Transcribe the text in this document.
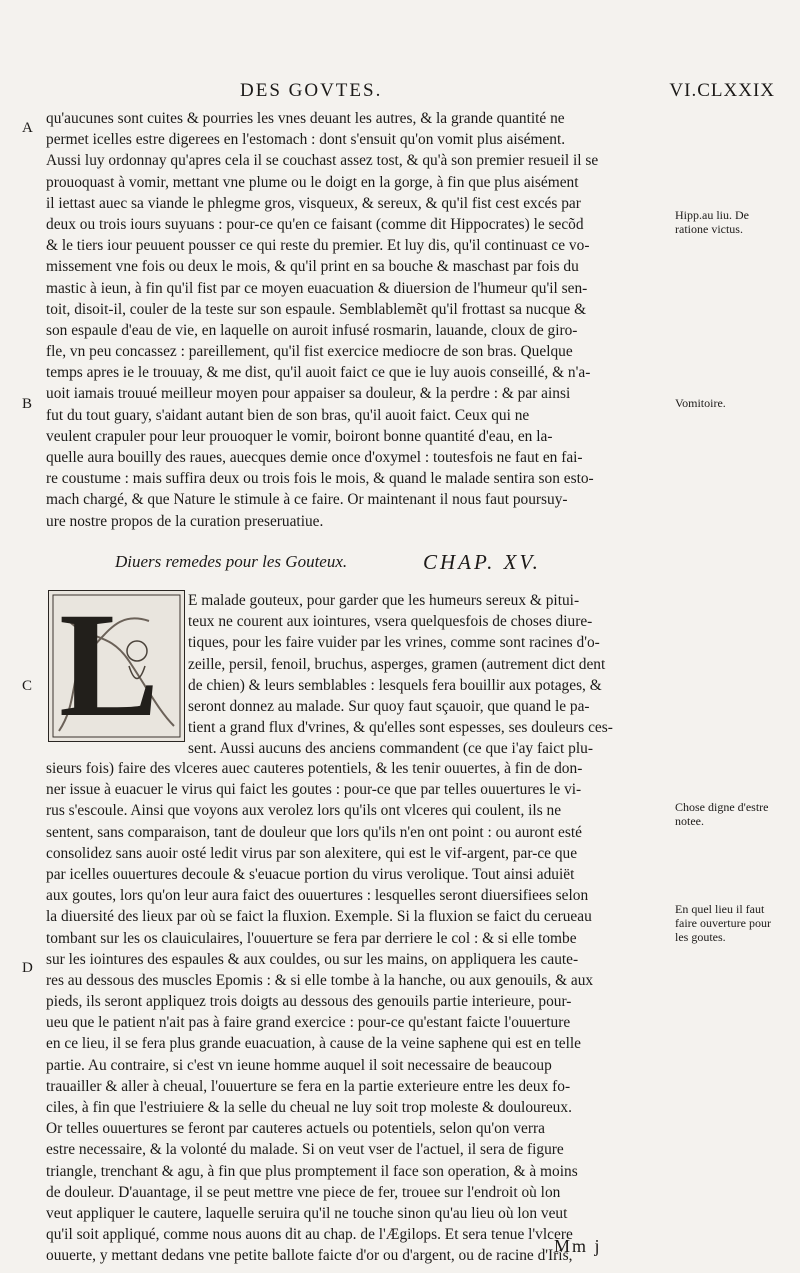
DES GOVTES.	VI.CLXXIX
A
B
C
D
Hipp.au liu. De ratione victus.
Vomitoire.
Chose digne d'estre notee.
En quel lieu il faut faire ouverture pour les goutes.
qu'aucunes sont cuites & pourries les vnes deuant les autres, & la grande quantité ne
permet icelles estre digerees en l'estomach : dont s'ensuit qu'on vomit plus aisément.
Aussi luy ordonnay qu'apres cela il se couchast assez tost, & qu'à son premier resueil il se
prouoquast à vomir, mettant vne plume ou le doigt en la gorge, à fin que plus aisément
il iettast auec sa viande le phlegme gros, visqueux, & sereux, & qu'il fist cest excés par
deux ou trois iours suyuans : pour-ce qu'en ce faisant (comme dit Hippocrates) le secõd
& le tiers iour peuuent pousser ce qui reste du premier. Et luy dis, qu'il continuast ce vo-
missement vne fois ou deux le mois, & qu'il print en sa bouche & maschast par fois du
mastic à ieun, à fin qu'il fist par ce moyen euacuation & diuersion de l'humeur qu'il sen-
toit, disoit-il, couler de la teste sur son espaule. Semblablemẽt qu'il frottast sa nucque &
son espaule d'eau de vie, en laquelle on auroit infusé rosmarin, lauande, cloux de giro-
fle, vn peu concassez : pareillement, qu'il fist exercice mediocre de son bras. Quelque
temps apres ie le trouuay, & me dist, qu'il auoit faict ce que ie luy auois conseillé, & n'a-
uoit iamais trouué meilleur moyen pour appaiser sa douleur, & la perdre : & par ainsi
fut du tout guary, s'aidant autant bien de son bras, qu'il auoit faict. Ceux qui ne
veulent crapuler pour leur prouoquer le vomir, boiront bonne quantité d'eau, en la-
quelle aura bouilly des raues, auecques demie once d'oxymel : toutesfois ne faut en fai-
re coustume : mais suffira deux ou trois fois le mois, & quand le malade sentira son esto-
mach chargé, & que Nature le stimule à ce faire. Or maintenant il nous faut poursuy-
ure nostre propos de la curation preseruatiue.
Diuers remedes pour les Gouteux.	CHAP. XV.
L E malade gouteux, pour garder que les humeurs sereux & pitui-
teux ne courent aux iointures, vsera quelquesfois de choses diure-
tiques, pour les faire vuider par les vrines, comme sont racines d'o-
zeille, persil, fenoil, bruchus, asperges, gramen (autrement dict dent
de chien) & leurs semblables : lesquels fera bouillir aux potages, &
seront donnez au malade. Sur quoy faut sçauoir, que quand le pa-
tient a grand flux d'vrines, & qu'elles sont espesses, ses douleurs ces-
sent. Aussi aucuns des anciens commandent (ce que i'ay faict plu-
sieurs fois) faire des vlceres auec cauteres potentiels, & les tenir ouuertes, à fin de don-
ner issue à euacuer le virus qui faict les goutes : pour-ce que par telles ouuertures le vi-
rus s'escoule. Ainsi que voyons aux verolez lors qu'ils ont vlceres qui coulent, ils ne
sentent, sans comparaison, tant de douleur que lors qu'ils n'en ont point : ou auront esté
consolidez sans auoir osté ledit virus par son alexitere, qui est le vif-argent, par-ce que
par icelles ouuertures decoule & s'euacue portion du virus verolique. Tout ainsi aduiët
aux goutes, lors qu'on leur aura faict des ouuertures : lesquelles seront diuersifiees selon
la diuersité des lieux par où se faict la fluxion. Exemple. Si la fluxion se faict du cerueau
tombant sur les os clauiculaires, l'ouuerture se fera par derriere le col : & si elle tombe
sur les iointures des espaules & aux couldes, ou sur les mains, on appliquera les caute-
res au dessous des muscles Epomis : & si elle tombe à la hanche, ou aux genouils, & aux
pieds, ils seront appliquez trois doigts au dessous des genouils partie interieure, pour-
ueu que le patient n'ait pas à faire grand exercice : pour-ce qu'estant faicte l'ouuerture
en ce lieu, il se fera plus grande euacuation, à cause de la veine saphene qui est en telle
partie. Au contraire, si c'est vn ieune homme auquel il soit necessaire de beaucoup
trauailler & aller à cheual, l'ouuerture se fera en la partie exterieure entre les deux fo-
ciles, à fin que l'estriuiere & la selle du cheual ne luy soit trop moleste & douloureux.
Or telles ouuertures se feront par cauteres actuels ou potentiels, selon qu'on verra
estre necessaire, & la volonté du malade. Si on veut vser de l'actuel, il sera de figure
triangle, trenchant & agu, à fin que plus promptement il face son operation, & à moins
de douleur. D'auantage, il se peut mettre vne piece de fer, trouee sur l'endroit où lon
veut appliquer le cautere, laquelle seruira qu'il ne touche sinon qu'au lieu où lon veut
qu'il soit appliqué, comme nous auons dit au chap. de l'Ægilops. Et sera tenue l'vlcere
ouuerte, y mettant dedans vne petite ballote faicte d'or ou d'argent, ou de racine d'Iris,
Mm j
